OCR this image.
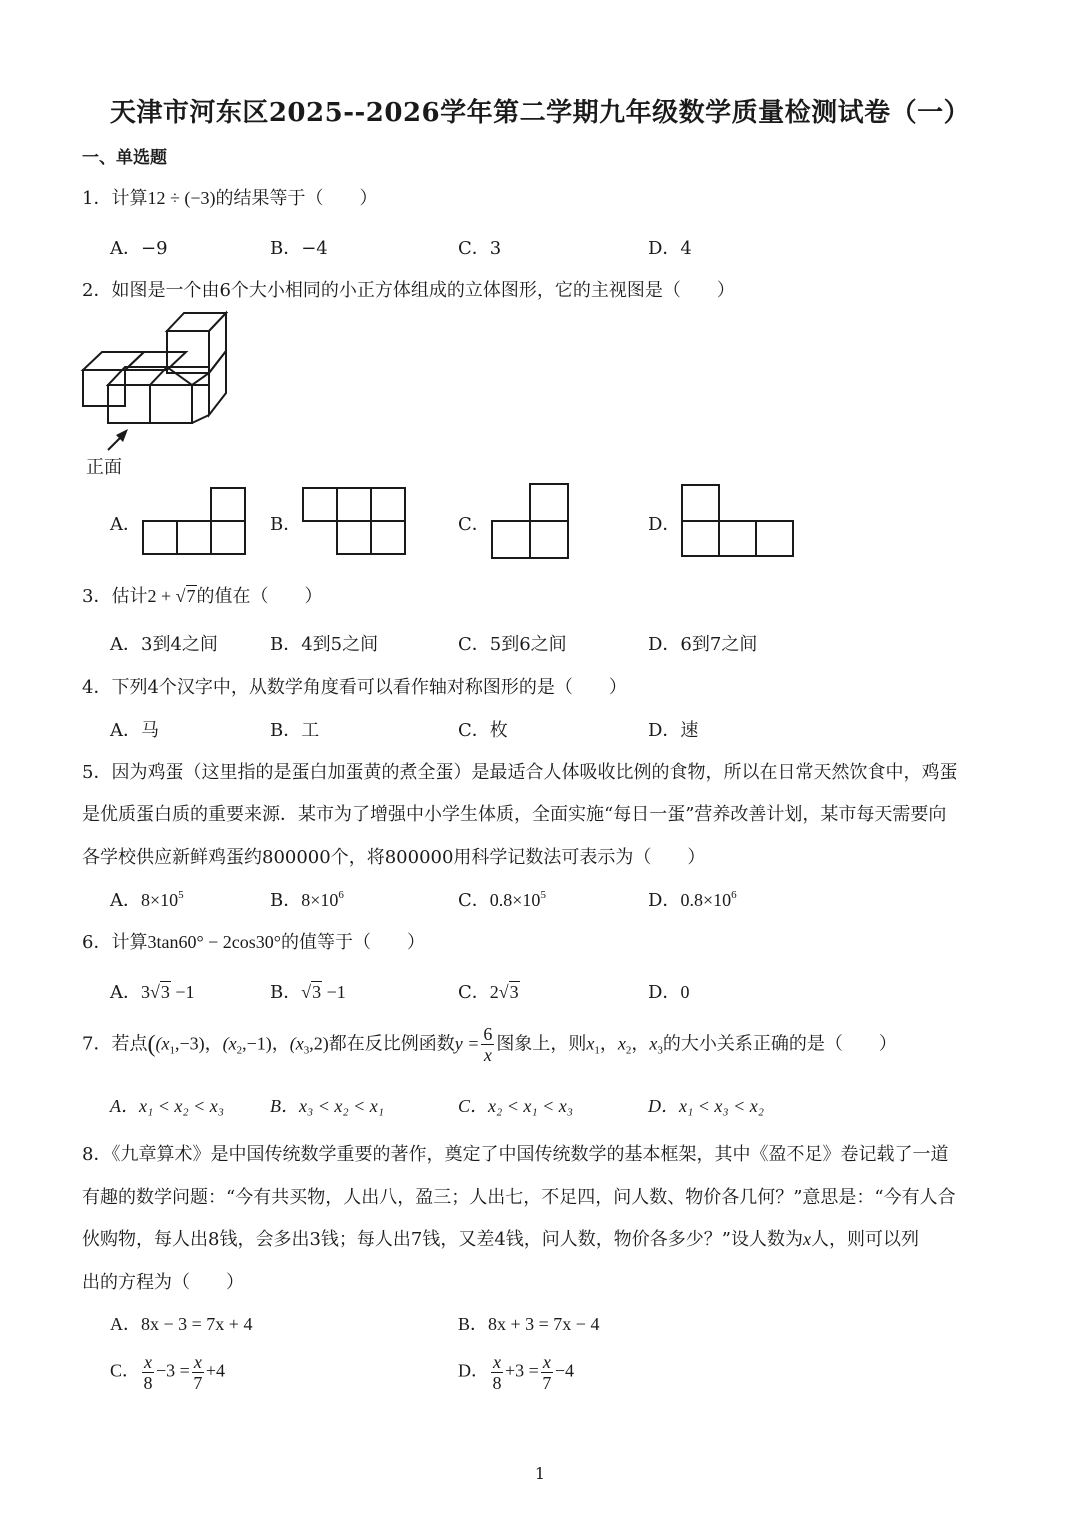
天津市河东区2025--2026学年第二学期九年级数学质量检测试卷（一）
一、单选题
1．计算12 ÷ (−3)的结果等于（　　）
A．−9	B．−4	C．3	D．4
2．如图是一个由6个大小相同的小正方体组成的立体图形，它的主视图是（　　）
正面
A．	B．	C．	D．
3．估计2 + √7的值在（　　）
A．3到4之间	B．4到5之间	C．5到6之间	D．6到7之间
4．下列4个汉字中，从数学角度看可以看作轴对称图形的是（　　）
A．马	B．工	C．枚	D．速
5．因为鸡蛋（这里指的是蛋白加蛋黄的煮全蛋）是最适合人体吸收比例的食物，所以在日常天然饮食中，鸡蛋
是优质蛋白质的重要来源．某市为了增强中小学生体质，全面实施“每日一蛋”营养改善计划，某市每天需要向
各学校供应新鲜鸡蛋约800000个，将800000用科学记数法可表示为（　　）
A．$8\times 10^5$	B．$8\times 10^6$	C．$0.8\times 10^5$	D．$0.8\times 10^6$
6．计算3tan60° − 2cos30°的值等于（　　）
A．3√3 −1	B．√3 −1	C．2√3	D．0
7．若点($(x_1,-3)$，$(x_2,-1)$，$(x_3,2)$都在反比例函数$y = \frac{6}{x}$ 图象上，则$x_1$，$x_2$，$x_3$的大小关系正确的是（　　）
A．x₁ < x₂ < x₃	B．x₃ < x₂ < x₁	C．x₂ < x₁ < x₃	D．x₁ < x₃ < x₂
8．《九章算术》是中国传统数学重要的著作，奠定了中国传统数学的基本框架，其中《盈不足》卷记载了一道
有趣的数学问题：“今有共买物，人出八，盈三；人出七，不足四，问人数、物价各几何？”意思是：“今有人合
伙购物，每人出8钱，会多出3钱；每人出7钱，又差4钱，问人数，物价各多少？”设人数为x人，则可以列
出的方程为（　　）
A．8x − 3 = 7x + 4	B．8x + 3 = 7x − 4
C． $\frac{x}{8} -3 = \frac{x}{7} +4$	D． $\frac{x}{8} +3 = \frac{x}{7} -4$
1
